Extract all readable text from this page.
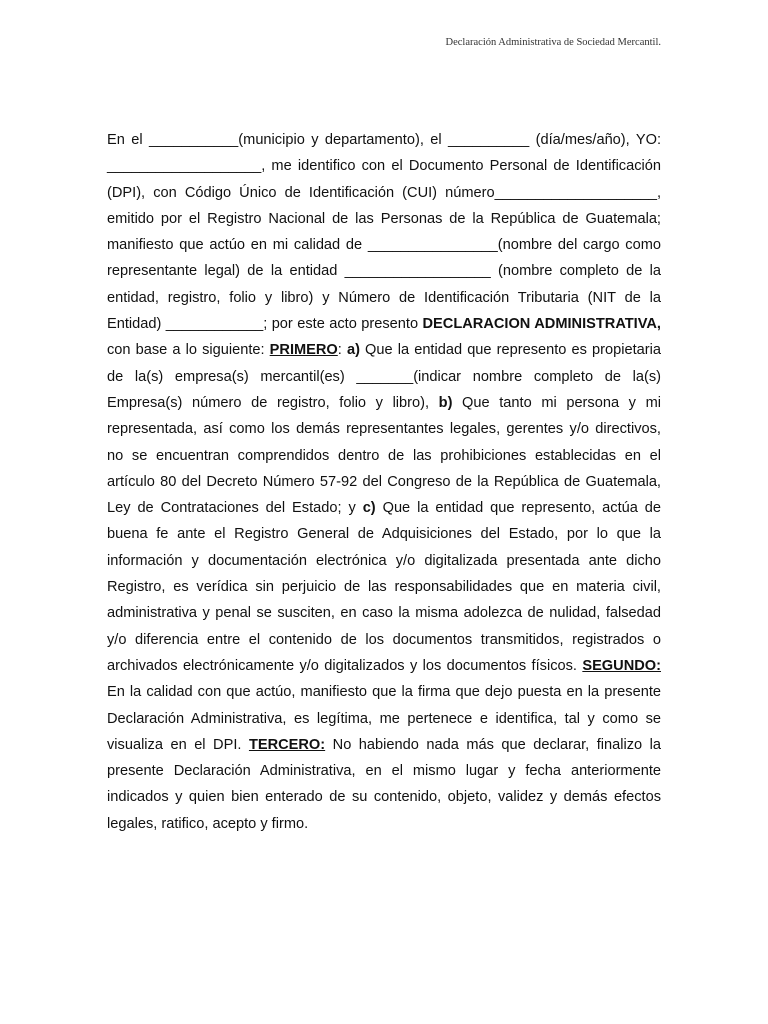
Declaración Administrativa de Sociedad Mercantil.

En el ___________(municipio y departamento), el __________ (día/mes/año), YO: ___________________, me identifico con el Documento Personal de Identificación (DPI), con Código Único de Identificación (CUI) número____________________, emitido por el Registro Nacional de las Personas de la República de Guatemala; manifiesto que actúo en mi calidad de ________________(nombre del cargo como representante legal) de la entidad __________________ (nombre completo de la entidad, registro, folio y libro) y Número de Identificación Tributaria (NIT de la Entidad) ____________; por este acto presento DECLARACION ADMINISTRATIVA, con base a lo siguiente: PRIMERO: a) Que la entidad que represento es propietaria de la(s) empresa(s) mercantil(es) _______(indicar nombre completo de la(s) Empresa(s) número de registro, folio y libro), b) Que tanto mi persona y mi representada, así como los demás representantes legales, gerentes y/o directivos, no se encuentran comprendidos dentro de las prohibiciones establecidas en el artículo 80 del Decreto Número 57-92 del Congreso de la República de Guatemala, Ley de Contrataciones del Estado; y c) Que la entidad que represento, actúa de buena fe ante el Registro General de Adquisiciones del Estado, por lo que la información y documentación electrónica y/o digitalizada presentada ante dicho Registro, es verídica sin perjuicio de las responsabilidades que en materia civil, administrativa y penal se susciten, en caso la misma adolezca de nulidad, falsedad y/o diferencia entre el contenido de los documentos transmitidos, registrados o archivados electrónicamente y/o digitalizados y los documentos físicos. SEGUNDO: En la calidad con que actúo, manifiesto que la firma que dejo puesta en la presente Declaración Administrativa, es legítima, me pertenece e identifica, tal y como se visualiza en el DPI. TERCERO: No habiendo nada más que declarar, finalizo la presente Declaración Administrativa, en el mismo lugar y fecha anteriormente indicados y quien bien enterado de su contenido, objeto, validez y demás efectos legales, ratifico, acepto y firmo.
